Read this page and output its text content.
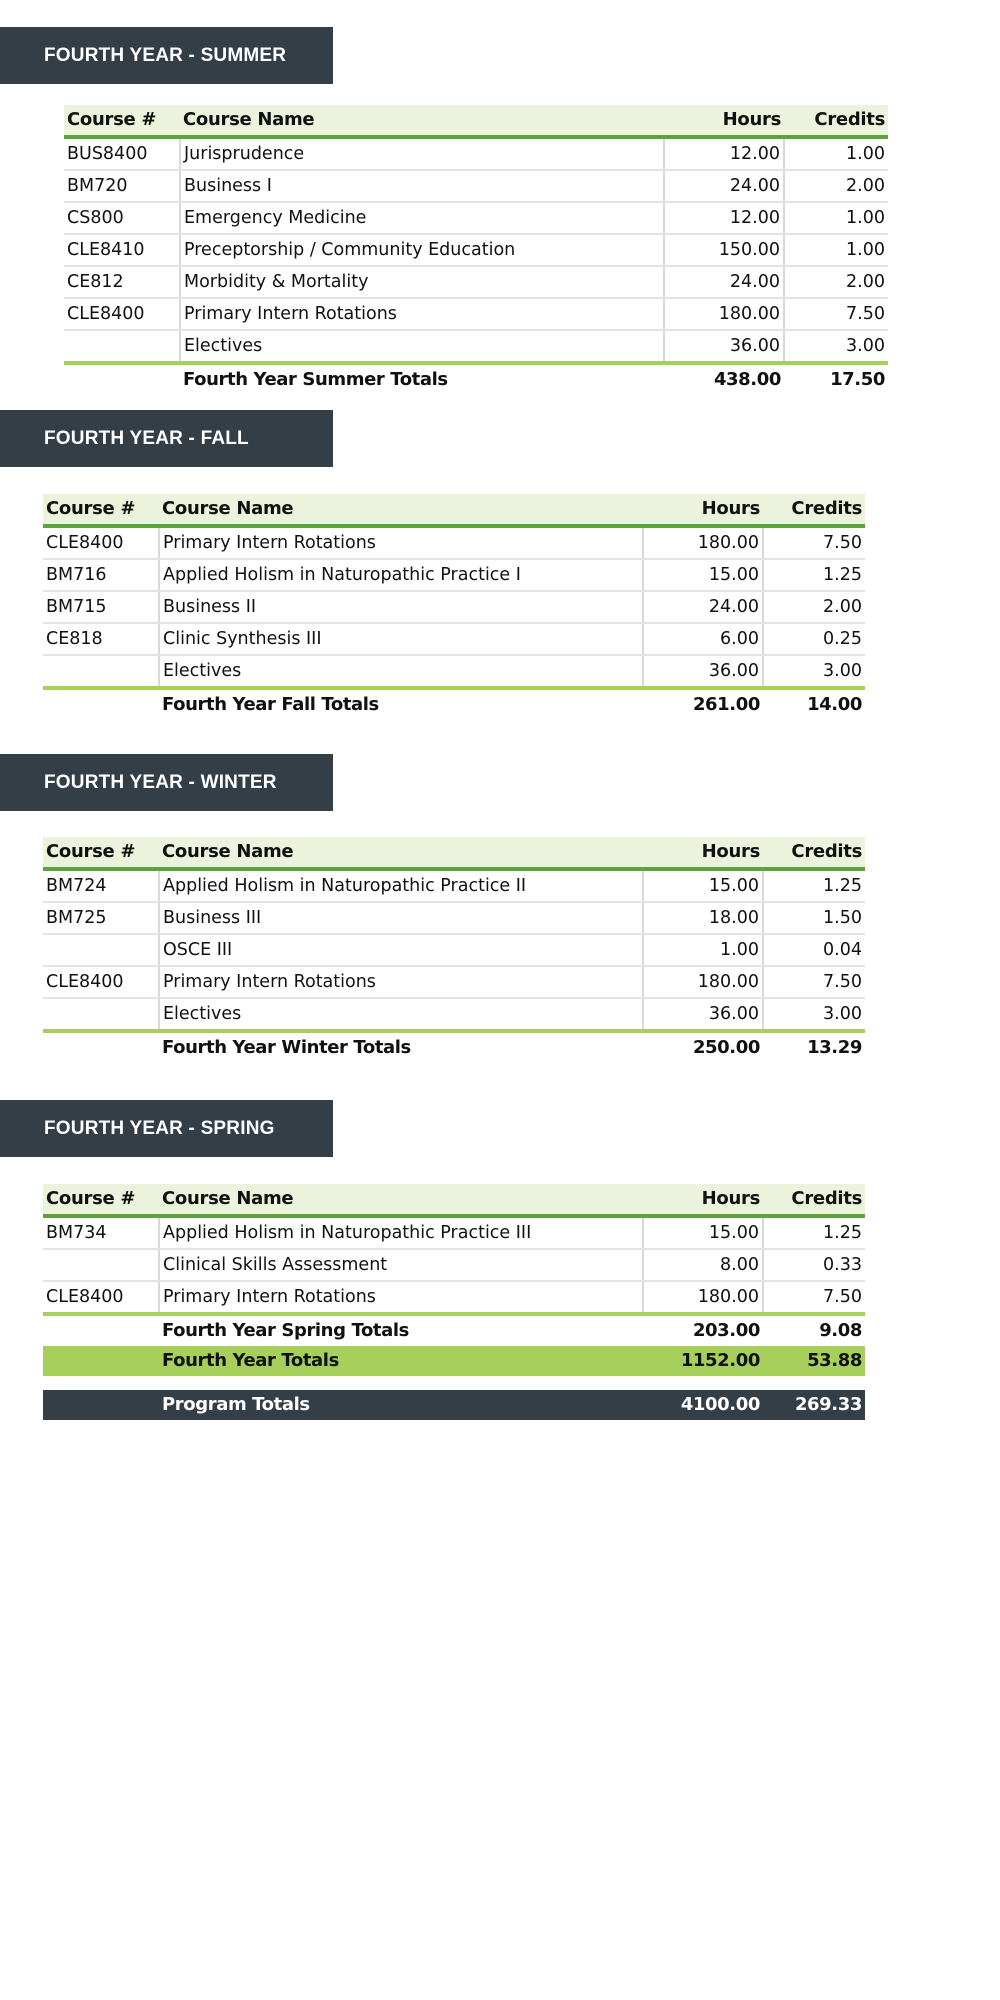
FOURTH YEAR - SUMMER
Course #	Course Name	Hours	Credits
BUS8400	Jurisprudence	12.00	1.00
BM720	Business I	24.00	2.00
CS800	Emergency Medicine	12.00	1.00
CLE8410	Preceptorship / Community Education	150.00	1.00
CE812	Morbidity & Mortality	24.00	2.00
CLE8400	Primary Intern Rotations	180.00	7.50
	Electives	36.00	3.00
	Fourth Year Summer Totals	438.00	17.50
FOURTH YEAR - FALL
Course #	Course Name	Hours	Credits
CLE8400	Primary Intern Rotations	180.00	7.50
BM716	Applied Holism in Naturopathic Practice I	15.00	1.25
BM715	Business II	24.00	2.00
CE818	Clinic Synthesis III	6.00	0.25
	Electives	36.00	3.00
	Fourth Year Fall Totals	261.00	14.00
FOURTH YEAR - WINTER
Course #	Course Name	Hours	Credits
BM724	Applied Holism in Naturopathic Practice II	15.00	1.25
BM725	Business III	18.00	1.50
	OSCE III	1.00	0.04
CLE8400	Primary Intern Rotations	180.00	7.50
	Electives	36.00	3.00
	Fourth Year Winter Totals	250.00	13.29
FOURTH YEAR - SPRING
Course #	Course Name	Hours	Credits
BM734	Applied Holism in Naturopathic Practice III	15.00	1.25
	Clinical Skills Assessment	8.00	0.33
CLE8400	Primary Intern Rotations	180.00	7.50
	Fourth Year Spring Totals	203.00	9.08
	Fourth Year Totals	1152.00	53.88

	Program Totals	4100.00	269.33
